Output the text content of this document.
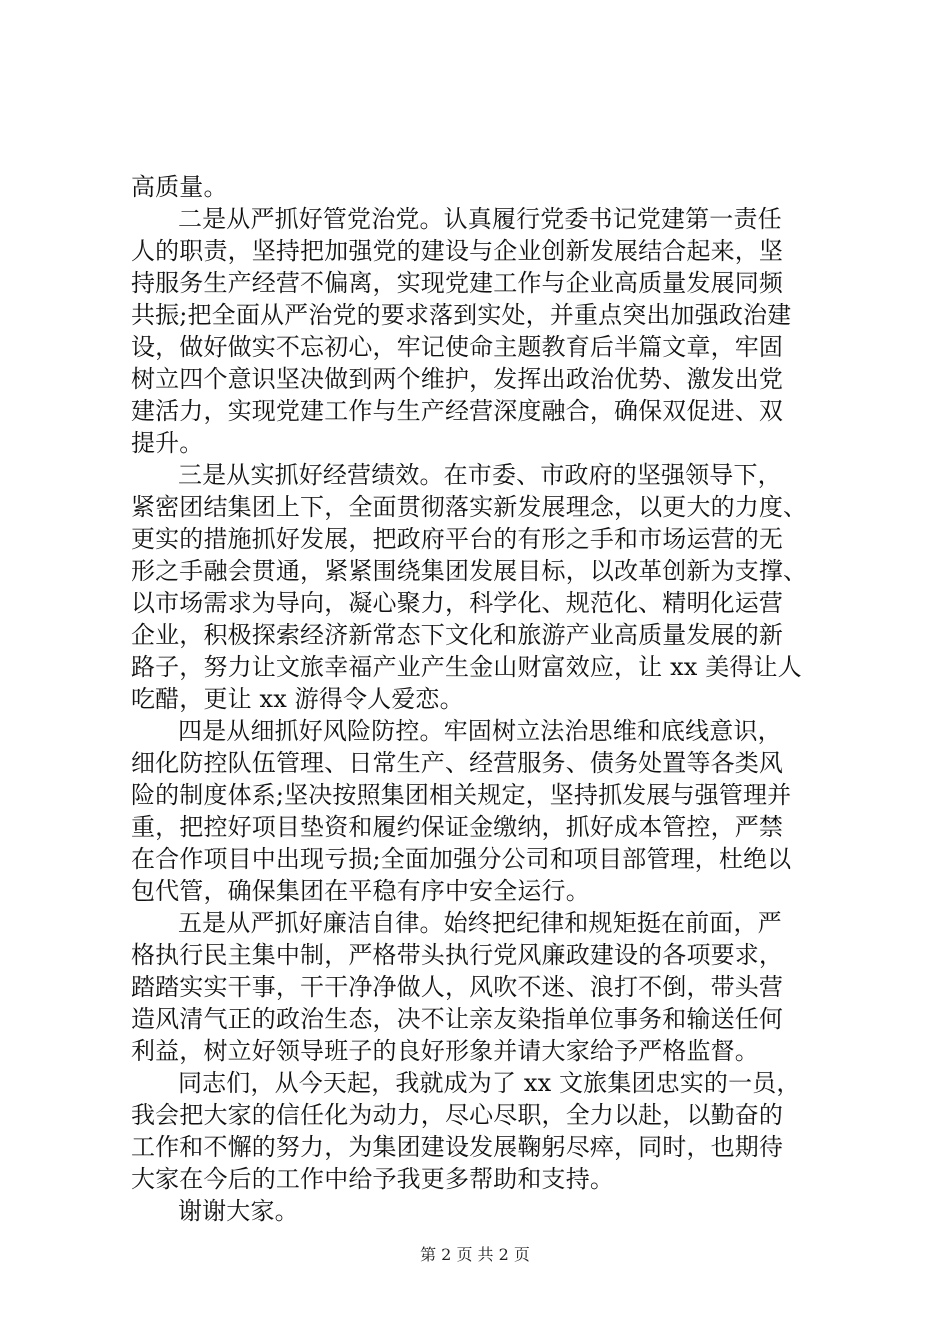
高质量。
二是从严抓好管党治党。认真履行党委书记党建第一责任
人的职责，坚持把加强党的建设与企业创新发展结合起来，坚
持服务生产经营不偏离，实现党建工作与企业高质量发展同频
共振;把全面从严治党的要求落到实处，并重点突出加强政治建
设，做好做实不忘初心，牢记使命主题教育后半篇文章，牢固
树立四个意识坚决做到两个维护，发挥出政治优势、激发出党
建活力，实现党建工作与生产经营深度融合，确保双促进、双
提升。
三是从实抓好经营绩效。在市委、市政府的坚强领导下，
紧密团结集团上下，全面贯彻落实新发展理念，以更大的力度、
更实的措施抓好发展，把政府平台的有形之手和市场运营的无
形之手融会贯通，紧紧围绕集团发展目标，以改革创新为支撑、
以市场需求为导向，凝心聚力，科学化、规范化、精明化运营
企业，积极探索经济新常态下文化和旅游产业高质量发展的新
路子，努力让文旅幸福产业产生金山财富效应，让 xx 美得让人
吃醋，更让 xx 游得令人爱恋。
四是从细抓好风险防控。牢固树立法治思维和底线意识，
细化防控队伍管理、日常生产、经营服务、债务处置等各类风
险的制度体系;坚决按照集团相关规定，坚持抓发展与强管理并
重，把控好项目垫资和履约保证金缴纳，抓好成本管控，严禁
在合作项目中出现亏损;全面加强分公司和项目部管理，杜绝以
包代管，确保集团在平稳有序中安全运行。
五是从严抓好廉洁自律。始终把纪律和规矩挺在前面，严
格执行民主集中制，严格带头执行党风廉政建设的各项要求，
踏踏实实干事，干干净净做人，风吹不迷、浪打不倒，带头营
造风清气正的政治生态，决不让亲友染指单位事务和输送任何
利益，树立好领导班子的良好形象并请大家给予严格监督。
同志们，从今天起，我就成为了 xx 文旅集团忠实的一员，
我会把大家的信任化为动力，尽心尽职，全力以赴，以勤奋的
工作和不懈的努力，为集团建设发展鞠躬尽瘁，同时，也期待
大家在今后的工作中给予我更多帮助和支持。
谢谢大家。
第 2 页 共 2 页
